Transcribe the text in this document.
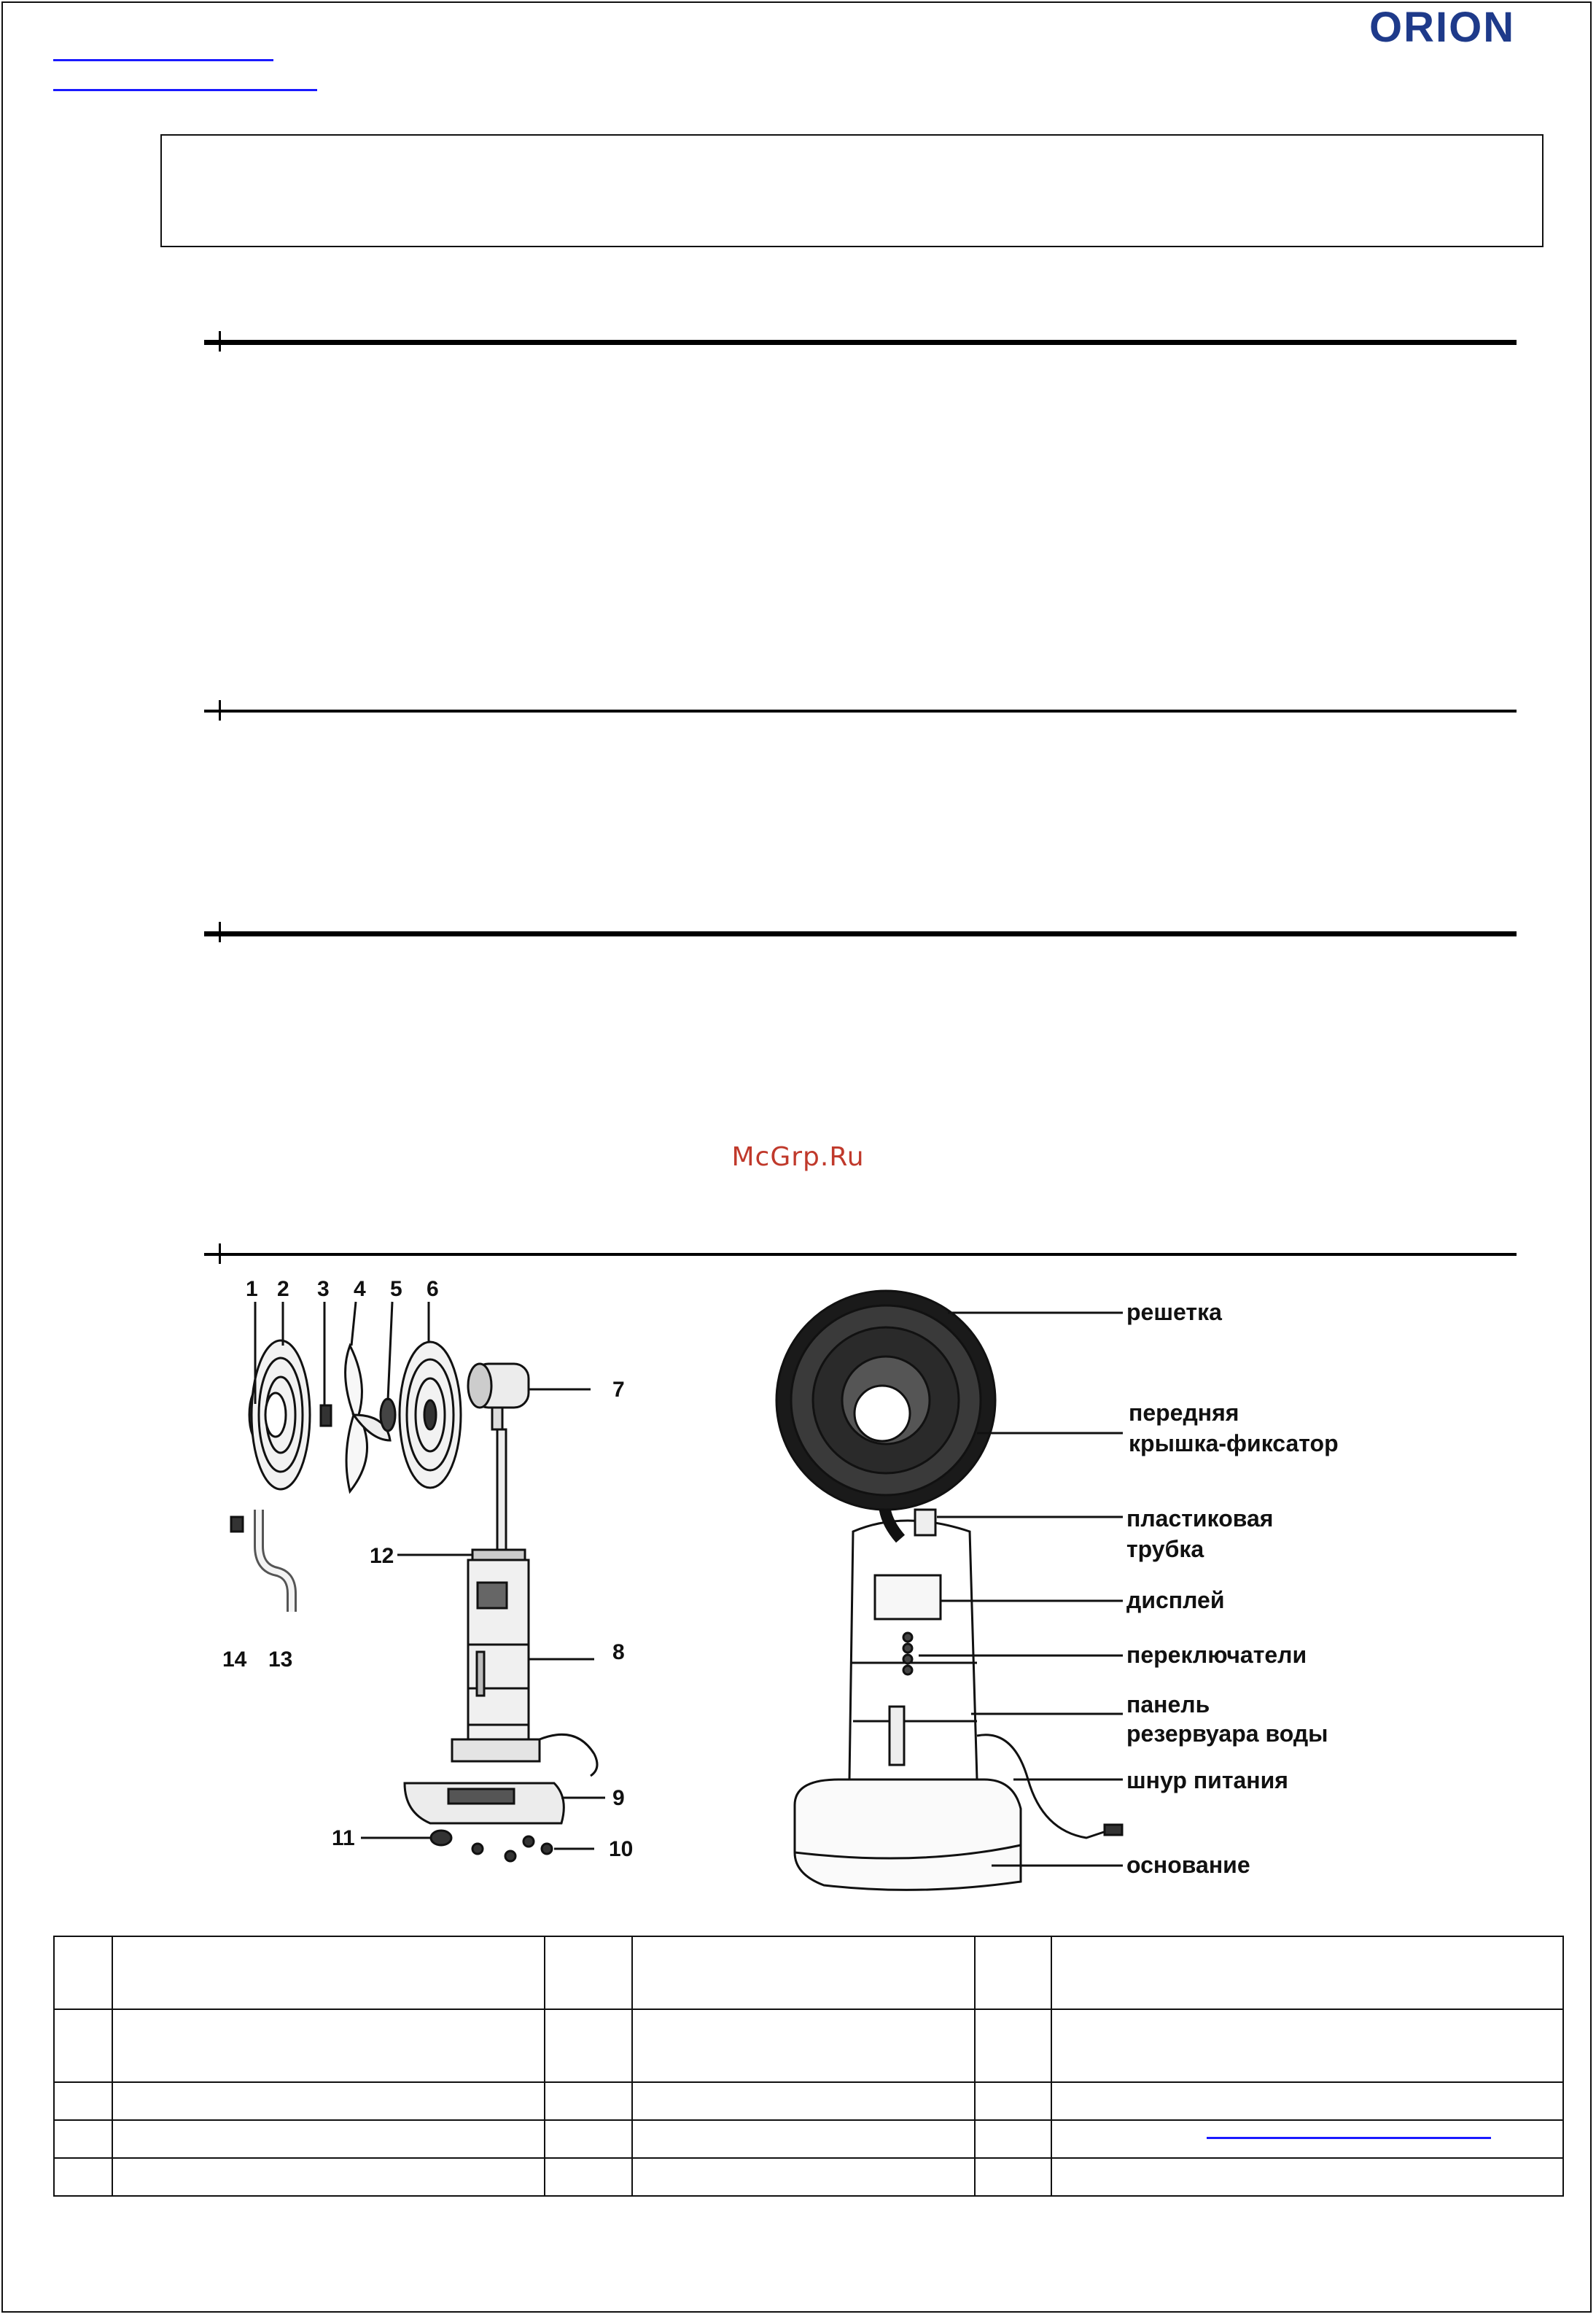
ORION
McGrp.Ru
1 2 3 4 5 6
7
8
9
10
11
12
13
14
решетка
передняя
крышка-фиксатор
пластиковая
трубка
дисплей
переключатели
панель
резервуара воды
шнур питания
основание
